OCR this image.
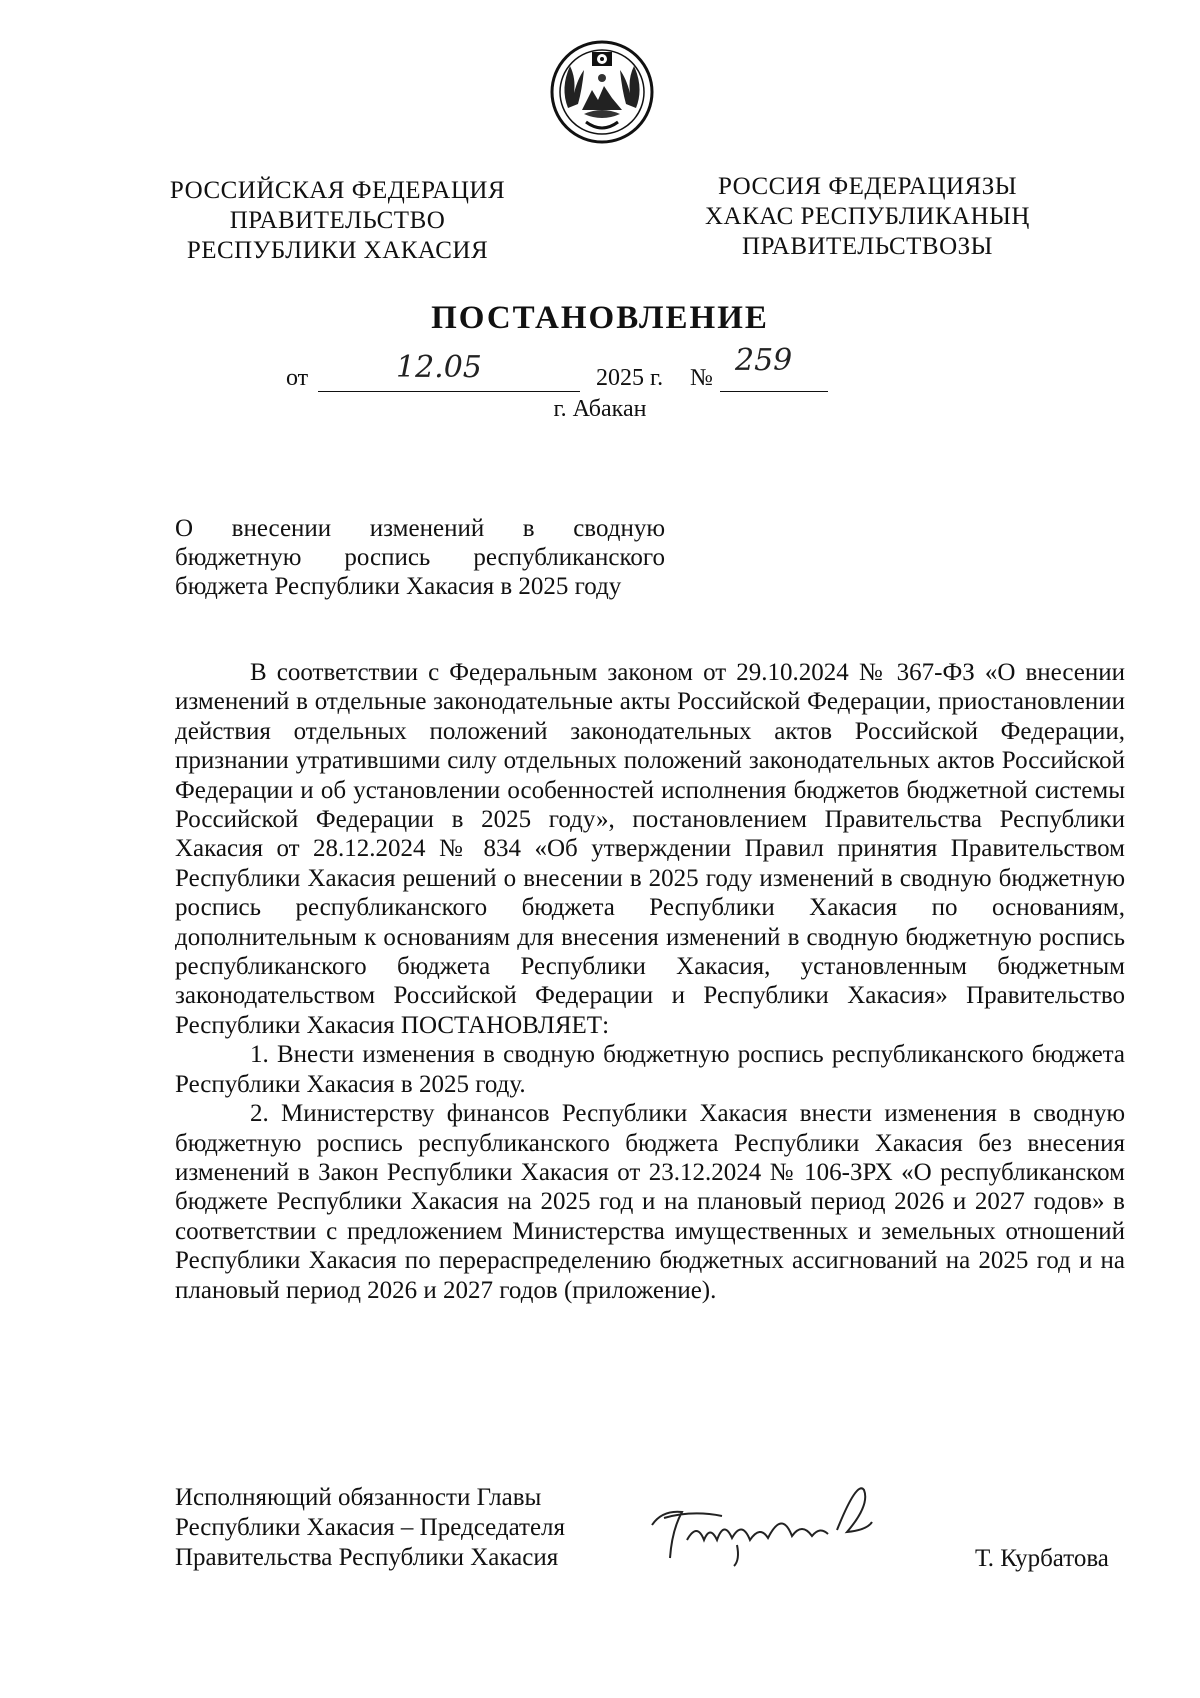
РОССИЙСКАЯ ФЕДЕРАЦИЯ
ПРАВИТЕЛЬСТВО
РЕСПУБЛИКИ ХАКАСИЯ
РОССИЯ ФЕДЕРАЦИЯЗЫ
ХАКАС РЕСПУБЛИКАНЫҢ
ПРАВИТЕЛЬСТВОЗЫ
ПОСТАНОВЛЕНИЕ
от	12.05	2025 г. № 259
г. Абакан
О внесении изменений в сводную бюджетную роспись республиканского бюджета Республики Хакасия в 2025 году

В соответствии с Федеральным законом от 29.10.2024 № 367-ФЗ «О внесении изменений в отдельные законодательные акты Российской Федерации, приостановлении действия отдельных положений законодательных актов Российской Федерации, признании утратившими силу отдельных положений законодательных актов Российской Федерации и об установлении особенностей исполнения бюджетов бюджетной системы Российской Федерации в 2025 году», постановлением Правительства Республики Хакасия от 28.12.2024 № 834 «Об утверждении Правил принятия Правительством Республики Хакасия решений о внесении в 2025 году изменений в сводную бюджетную роспись республиканского бюджета Республики Хакасия по основаниям, дополнительным к основаниям для внесения изменений в сводную бюджетную роспись республиканского бюджета Республики Хакасия, установленным бюджетным законодательством Российской Федерации и Республики Хакасия» Правительство Республики Хакасия ПОСТАНОВЛЯЕТ:

1. Внести изменения в сводную бюджетную роспись республиканского бюджета Республики Хакасия в 2025 году.

2. Министерству финансов Республики Хакасия внести изменения в сводную бюджетную роспись республиканского бюджета Республики Хакасия без внесения изменений в Закон Республики Хакасия от 23.12.2024 № 106-ЗРХ «О республиканском бюджете Республики Хакасия на 2025 год и на плановый период 2026 и 2027 годов» в соответствии с предложением Министерства имущественных и земельных отношений Республики Хакасия по перераспределению бюджетных ассигнований на 2025 год и на плановый период 2026 и 2027 годов (приложение).

Исполняющий обязанности Главы
Республики Хакасия – Председателя
Правительства Республики Хакасия	Т. Курбатова
